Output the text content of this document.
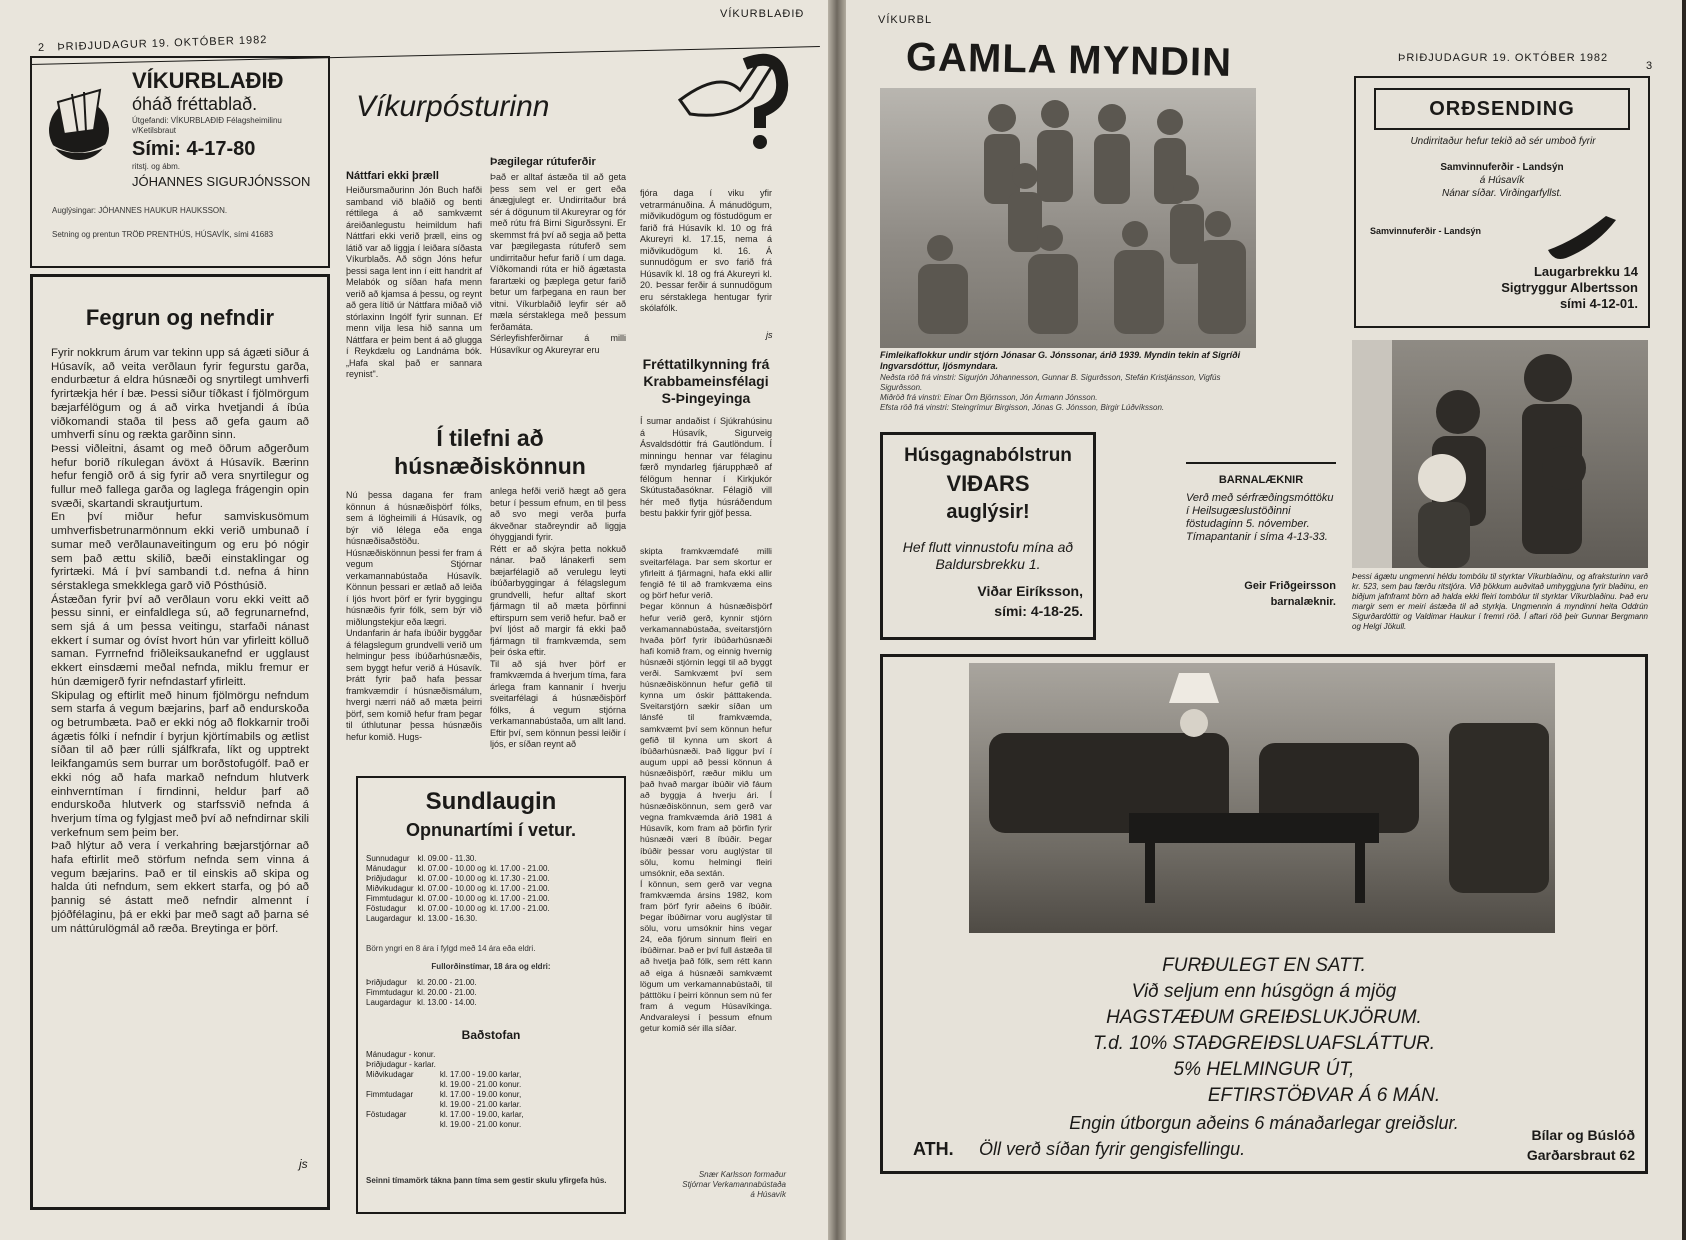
2 ÞRIÐJUDAGUR 19. OKTÓBER 1982
VÍKURBLAÐIÐ
VÍKURBLAÐIÐ
óháð fréttablað.
Útgefandi: VÍKURBLAÐIÐ Félagsheimilinu v/Ketilsbraut
Sími: 4-17-80
ritstj. og ábm.
JÓHANNES SIGURJÓNSSON
Auglýsingar: JÓHANNES HAUKUR HAUKSSON.
Setning og prentun TRÖÐ PRENTHÚS, HÚSAVÍK, sími 41683
Fegrun og nefndir
Fyrir nokkrum árum var tekinn upp sá ágæti siður á Húsavík, að veita verðlaun fyrir fegurstu garða, endurbætur á eldra húsnæði og snyrtilegt umhverfi fyrirtækja hér í bæ. Þessi siður tíðkast í fjölmörgum bæjarfélögum og á að virka hvetjandi á íbúa viðkomandi staða til þess að gefa gaum að umhverfi sínu og rækta garðinn sinn.
Þessi viðleitni, ásamt og með öðrum aðgerðum hefur borið ríkulegan ávöxt á Húsavík. Bærinn hefur fengið orð á sig fyrir að vera snyrtilegur og fullur með fallega garða og laglega frágengin opin svæði, skartandi skrautjurtum.
En því miður hefur samviskusömum umhverfisbetrunarmönnum ekki verið umbunað í sumar með verðlaunaveitingum og eru þó nógir sem það ættu skilið, bæði einstaklingar og fyrirtæki. Má í því sambandi t.d. nefna á hinn sérstaklega smekklega garð við Pósthúsið.
Ástæðan fyrir því að verðlaun voru ekki veitt að þessu sinni, er einfaldlega sú, að fegrunarnefnd, sem sjá á um þessa veitingu, starfaði nánast ekkert í sumar og óvíst hvort hún var yfirleitt kölluð saman. Fyrrnefnd friðleiksaukanefnd er ugglaust ekkert einsdæmi meðal nefnda, miklu fremur er hún dæmigerð fyrir nefndastarf yfirleitt.
Skipulag og eftirlit með hinum fjölmörgu nefndum sem starfa á vegum bæjarins, þarf að endurskoða og betrumbæta. Það er ekki nóg að flokkarnir troði ágætis fólki í nefndir í byrjun kjörtímabils og ætlist síðan til að þær rúlli sjálfkrafa, líkt og upptrekt leikfangamús sem burrar um borðstofugólf. Það er ekki nóg að hafa markað nefndum hlutverk einhverntíman í firndinni, heldur þarf að endurskoða hlutverk og starfssvið nefnda á hverjum tíma og fylgjast með því að nefndirnar skili verkefnum sem þeim ber.
Það hlýtur að vera í verkahring bæjarstjórnar að hafa eftirlit með störfum nefnda sem vinna á vegum bæjarins. Það er til einskis að skipa og halda úti nefndum, sem ekkert starfa, og þó að þannig sé ástatt með nefndir almennt í þjóðfélaginu, þá er ekki þar með sagt að þarna sé um náttúrulögmál að ræða. Breytinga er þörf.
js
Víkurpósturinn
Náttfari ekki þræll
Heiðursmaðurinn Jón Buch hafði samband við blaðið og benti réttilega á að samkvæmt áreiðanlegustu heimildum hafi Náttfari ekki verið þræll, eins og látið var að liggja í leiðara síðasta Víkurblaðs. Að sögn Jóns hefur þessi saga lent inn í eitt handrit af Melabók og síðan hafa menn verið að kjamsa á þessu, og reynt að gera lítið úr Náttfara miðað við stórlaxinn Ingólf fyrir sunnan. Ef menn vilja lesa hið sanna um Náttfara er þeim bent á að glugga í Reykdælu og Landnáma bók. „Hafa skal það er sannara reynist".
Þægilegar rútuferðir
Það er alltaf ástæða til að geta þess sem vel er gert eða ánægjulegt er. Undirritaður brá sér á dögunum til Akureyrar og fór með rútu frá Birni Sigurðssyni. Er skemmst frá því að segja að þetta var þægilegasta rútuferð sem undirritaður hefur farið í um daga. Víðkomandi rúta er hið ágætasta farartæki og þæplega getur farið betur um farþegana en raun ber vitni. Víkurblaðið leyfir sér að mæla sérstaklega með þessum ferðamáta.
Sérleyfishferðirnar á milli Húsavíkur og Akureyrar eru
Í tilefni að húsnæðiskönnun
Nú þessa dagana fer fram könnun á húsnæðisþörf fólks, sem á lögheimili á Húsavík, og býr við lélega eða enga húsnæðisaðstöðu. Húsnæðiskönnun þessi fer fram á vegum Stjórnar verkamannabústaða Húsavík. Könnun þessari er ætlað að leiða í ljós hvort þörf er fyrir byggingu húsnæðis fyrir fólk, sem býr við miðlungstekjur eða lægri.
Undanfarin ár hafa íbúðir byggðar á félagslegum grundvelli verið um helmingur þess íbúðarhúsnæðis, sem byggt hefur verið á Húsavík. Þrátt fyrir það hafa þessar framkvæmdir í húsnæðismálum, hvergi nærri náð að mæta þeirri þörf, sem komið hefur fram þegar til úthlutunar þessa húsnæðis hefur komið. Hugs-
anlega hefði verið hægt að gera betur í þessum efnum, en til þess að svo megi verða þurfa ákveðnar staðreyndir að liggja óhyggjandi fyrir.
Rétt er að skýra þetta nokkuð nánar. Það lánakerfi sem bæjarfélagið að verulegu leyti íbúðarbyggingar á félagslegum grundvelli, hefur alltaf skort fjármagn til að mæta þörfinni eftirspurn sem verið hefur. Það er því ljóst að margir fá ekki það fjármagn til framkvæmda, sem þeir óska eftir.
Til að sjá hver þörf er framkvæmda á hverjum tíma, fara árlega fram kannanir í hverju sveitarfélagi á húsnæðisþörf fólks, á vegum stjórna verkamannabústaða, um allt land. Eftir því, sem könnun þessi leiðir í ljós, er síðan reynt að
Sundlaugin
Opnunartími í vetur.
Sunnudagur	kl. 09.00 - 11.30.	
Mánudagur	kl. 07.00 - 10.00 og	kl. 17.00 - 21.00.
Þriðjudagur	kl. 07.00 - 10.00 og	kl. 17.30 - 21.00.
Miðvikudagur	kl. 07.00 - 10.00 og	kl. 17.00 - 21.00.
Fimmtudagur	kl. 07.00 - 10.00 og	kl. 17.00 - 21.00.
Föstudagur	kl. 07.00 - 10.00 og	kl. 17.00 - 21.00.
Laugardagur	kl. 13.00 - 16.30.	
Börn yngri en 8 ára í fylgd með 14 ára eða eldri.
Fullorðinstímar, 18 ára og eldri:
Þriðjudagur	kl. 20.00 - 21.00.
Fimmtudagur	kl. 20.00 - 21.00.
Laugardagur	kl. 13.00 - 14.00.
Baðstofan
Mánudagur - konur.	
Þriðjudagur - karlar.	
Miðvikudagar	kl. 17.00 - 19.00 karlar,
	kl. 19.00 - 21.00 konur.
Fimmtudagar	kl. 17.00 - 19.00 konur,
	kl. 19.00 - 21.00 karlar.
Föstudagar	kl. 17.00 - 19.00, karlar,
	kl. 19.00 - 21.00 konur.
Seinni tímamörk tákna þann tíma sem gestir skulu yfirgefa hús.
fjóra daga í viku yfir vetrarmánuðina. Á mánudögum, miðvikudögum og föstudögum er farið frá Húsavík kl. 10 og frá Akureyri kl. 17.15, nema á miðvikudögum kl. 16. Á sunnudögum er svo farið frá Húsavík kl. 18 og frá Akureyri kl. 20. Þessar ferðir á sunnudögum eru sérstaklega hentugar fyrir skólafólk.
js
Fréttatilkynning frá Krabbameinsfélagi S-Þingeyinga
Í sumar andaðist í Sjúkrahúsinu á Húsavík, Sigurveig Ásvaldsdóttir frá Gautlöndum. Í minningu hennar var félaginu færð myndarleg fjárupphæð af félögum hennar í Kirkjukór Skútustaðasóknar. Félagið vill hér með flytja húsráðendum bestu þakkir fyrir gjöf þessa.
skipta framkvæmdafé milli sveitarfélaga. Þar sem skortur er yfirleitt á fjármagni, hafa ekki allir fengið fé til að framkvæma eins og þörf hefur verið.
Þegar könnun á húsnæðisþörf hefur verið gerð, kynnir stjórn verkamannabústaða, sveitarstjórn hvaða þörf fyrir íbúðarhúsnæði hafi komið fram, og einnig hvernig húsnæði stjórnin leggi til að byggt verði. Samkvæmt því sem húsnæðiskönnun hefur gefið til kynna um óskir þátttakenda. Sveitarstjórn sækir síðan um lánsfé til framkvæmda, samkvæmt því sem könnun hefur gefið til kynna um skort á íbúðarhúsnæði. Það liggur því í augum uppi að þessi könnun á húsnæðisþörf, ræður miklu um það hvað margar íbúðir við fáum að byggja á hverju ári. Í húsnæðiskönnun, sem gerð var vegna framkvæmda árið 1981 á Húsavík, kom fram að þörfin fyrir húsnæði væri 8 íbúðir. Þegar íbúðir þessar voru auglýstar til sölu, komu helmingi fleiri umsóknir, eða sextán.
Í könnun, sem gerð var vegna framkvæmda ársins 1982, kom fram þörf fyrir aðeins 6 íbúðir. Þegar íbúðirnar voru auglýstar til sölu, voru umsóknir hins vegar 24, eða fjórum sinnum fleiri en íbúðirnar. Það er því full ástæða til að hvetja það fólk, sem rétt kann að eiga á húsnæði samkvæmt lögum um verkamannabústaði, til þátttöku í þeirri könnun sem nú fer fram á vegum Húsavíkinga. Andvaraleysi í þessum efnum getur komið sér illa síðar.
Snær Karlsson formaður Stjórnar Verkamannabústaða á Húsavík
VÍKURBL
ÞRIÐJUDAGUR 19. OKTÓBER 1982
3
GAMLA MYNDIN
Fimleikaflokkur undir stjórn Jónasar G. Jónssonar, árið 1939. Myndin tekin af Sigríði Ingvarsdóttur, ljósmyndara.
Neðsta röð frá vinstri: Sigurjón Jóhannesson, Gunnar B. Sigurðsson, Stefán Kristjánsson, Vigfús Sigurðsson.
Miðröð frá vinstri: Einar Örn Björnsson, Jón Ármann Jónsson.
Efsta röð frá vinstri: Steingrímur Birgisson, Jónas G. Jónsson, Birgir Lúðvíksson.
ORÐSENDING
Undirritaður hefur tekið að sér umboð fyrir
Samvinnuferðir - Landsýn
á Húsavík
Nánar síðar. Virðingarfyllst.
Samvinnuferðir - Landsýn
Laugarbrekku 14
Sigtryggur Albertsson
sími 4-12-01.
Þessi ágætu ungmenni héldu tombólu til styrktar Víkurblaðinu, og afraksturinn varð kr. 523, sem þau færðu ritstjóra. Við þökkum auðvitað umhyggjuna fyrir blaðinu, en biðjum jafnframt börn að halda ekki fleiri tombólur til styrktar Víkurblaðinu. Það eru margir sem er meiri ástæða til að styrkja. Ungmennin á myndinni heita Oddrún Sigurðardóttir og Valdimar Haukur í fremri röð. Í aftari röð þeir Gunnar Bergmann og Helgi Jökull.
Húsgagnabólstrun
VIÐARS
auglýsir!
Hef flutt vinnustofu mína að Baldursbrekku 1.
Viðar Eiríksson,
sími: 4-18-25.
BARNALÆKNIR
Verð með sérfræðingsmóttöku í Heilsugæslustöðinni föstudaginn 5. nóvember. Tímapantanir í síma 4-13-33.
Geir Friðgeirsson
barnalæknir.
FURÐULEGT EN SATT.
Við seljum enn húsgögn á mjög
HAGSTÆÐUM GREIÐSLUKJÖRUM.
T.d. 10% STAÐGREIÐSLUAFSLÁTTUR.
5% HELMINGUR ÚT,
EFTIRSTÖÐVAR Á 6 MÁN.
Engin útborgun aðeins 6 mánaðarlegar greiðslur.
ATH. Öll verð síðan fyrir gengisfellingu.
Bílar og Búslóð
Garðarsbraut 62
